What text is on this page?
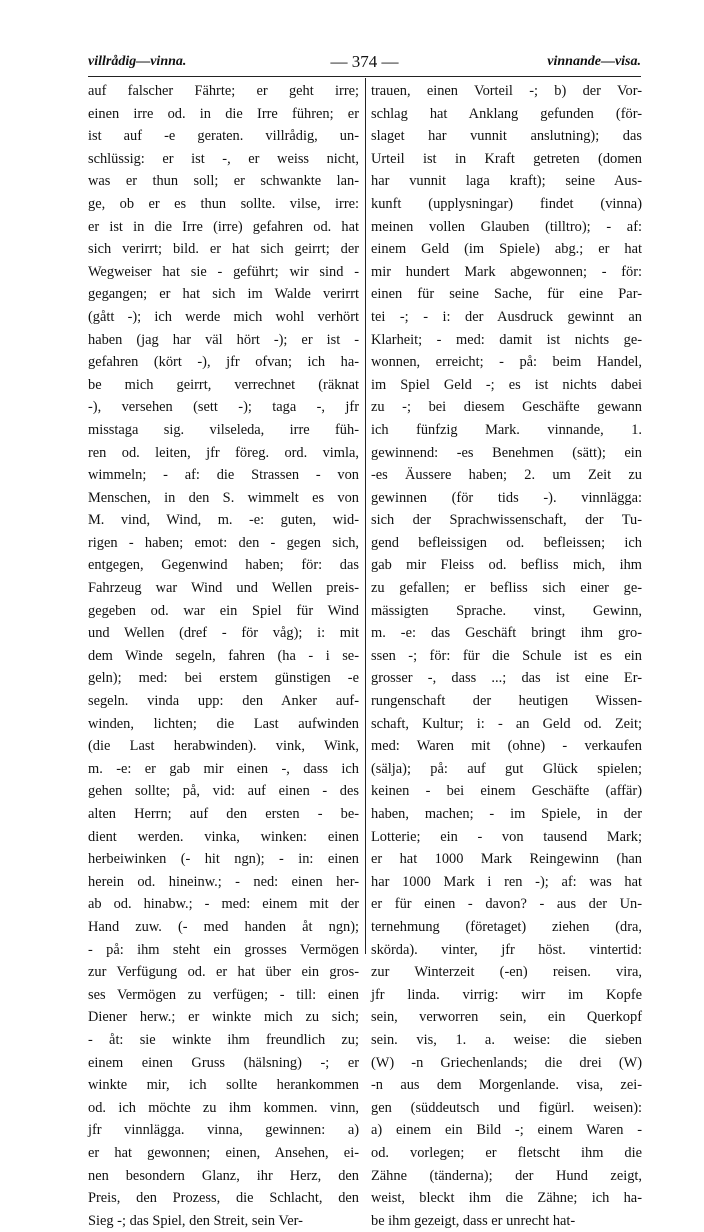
villrådig—vinna.	— 374 —	vinnande—visa.
auf falscher Fährte; er geht irre;
einen irre od. in die Irre führen; er
ist auf -e geraten. villrådig, un-
schlüssig: er ist -, er weiss nicht,
was er thun soll; er schwankte lan-
ge, ob er es thun sollte. vilse, irre:
er ist in die Irre (irre) gefahren od. hat
sich verirrt; bild. er hat sich geirrt; der
Wegweiser hat sie - geführt; wir sind -
gegangen; er hat sich im Walde verirrt
(gått -); ich werde mich wohl verhört
haben (jag har väl hört -); er ist -
gefahren (kört -), jfr ofvan; ich ha-
be mich geirrt, verrechnet (räknat
-), versehen (sett -); taga -, jfr
misstaga sig. vilseleda, irre füh-
ren od. leiten, jfr föreg. ord. vimla,
wimmeln; - af: die Strassen - von
Menschen, in den S. wimmelt es von
M. vind, Wind, m. -e: guten, wid-
rigen - haben; emot: den - gegen sich,
entgegen, Gegenwind haben; för: das
Fahrzeug war Wind und Wellen preis-
gegeben od. war ein Spiel für Wind
und Wellen (dref - för våg); i: mit
dem Winde segeln, fahren (ha - i se-
geln); med: bei erstem günstigen -e
segeln. vinda upp: den Anker auf-
winden, lichten; die Last aufwinden
(die Last herabwinden). vink, Wink,
m. -e: er gab mir einen -, dass ich
gehen sollte; på, vid: auf einen - des
alten Herrn; auf den ersten - be-
dient werden. vinka, winken: einen
herbeiwinken (- hit ngn); - in: einen
herein od. hineinw.; - ned: einen her-
ab od. hinabw.; - med: einem mit der
Hand zuw. (- med handen åt ngn);
- på: ihm steht ein grosses Vermögen
zur Verfügung od. er hat über ein gros-
ses Vermögen zu verfügen; - till: einen
Diener herw.; er winkte mich zu sich;
- åt: sie winkte ihm freundlich zu;
einem einen Gruss (hälsning) -; er
winkte mir, ich sollte herankommen
od. ich möchte zu ihm kommen. vinn,
jfr vinnlägga. vinna, gewinnen: a)
er hat gewonnen; einen, Ansehen, ei-
nen besondern Glanz, ihr Herz, den
Preis, den Prozess, die Schlacht, den
Sieg -; das Spiel, den Streit, sein Ver-
trauen, einen Vorteil -; b) der Vor-
schlag hat Anklang gefunden (för-
slaget har vunnit anslutning); das
Urteil ist in Kraft getreten (domen
har vunnit laga kraft); seine Aus-
kunft (upplysningar) findet (vinna)
meinen vollen Glauben (tilltro); - af:
einem Geld (im Spiele) abg.; er hat
mir hundert Mark abgewonnen; - för:
einen für seine Sache, für eine Par-
tei -; - i: der Ausdruck gewinnt an
Klarheit; - med: damit ist nichts ge-
wonnen, erreicht; - på: beim Handel,
im Spiel Geld -; es ist nichts dabei
zu -; bei diesem Geschäfte gewann
ich fünfzig Mark. vinnande, 1.
gewinnend: -es Benehmen (sätt); ein
-es Äussere haben; 2. um Zeit zu
gewinnen (för tids -). vinnlägga:
sich der Sprachwissenschaft, der Tu-
gend befleissigen od. befleissen; ich
gab mir Fleiss od. befliss mich, ihm
zu gefallen; er befliss sich einer ge-
mässigten Sprache. vinst, Gewinn,
m. -e: das Geschäft bringt ihm gro-
ssen -; för: für die Schule ist es ein
grosser -, dass ...; das ist eine Er-
rungenschaft der heutigen Wissen-
schaft, Kultur; i: - an Geld od. Zeit;
med: Waren mit (ohne) - verkaufen
(sälja); på: auf gut Glück spielen;
keinen - bei einem Geschäfte (affär)
haben, machen; - im Spiele, in der
Lotterie; ein - von tausend Mark;
er hat 1000 Mark Reingewinn (han
har 1000 Mark i ren -); af: was hat
er für einen - davon? - aus der Un-
ternehmung (företaget) ziehen (dra,
skörda). vinter, jfr höst. vintertid:
zur Winterzeit (-en) reisen. vira,
jfr linda. virrig: wirr im Kopfe
sein, verworren sein, ein Querkopf
sein. vis, 1. a. weise: die sieben
(W) -n Griechenlands; die drei (W)
-n aus dem Morgenlande. visa, zei-
gen (süddeutsch und figürl. weisen):
a) einem ein Bild -; einem Waren -
od. vorlegen; er fletscht ihm die
Zähne (tänderna); der Hund zeigt,
weist, bleckt ihm die Zähne; ich ha-
be ihm gezeigt, dass er unrecht hat-
